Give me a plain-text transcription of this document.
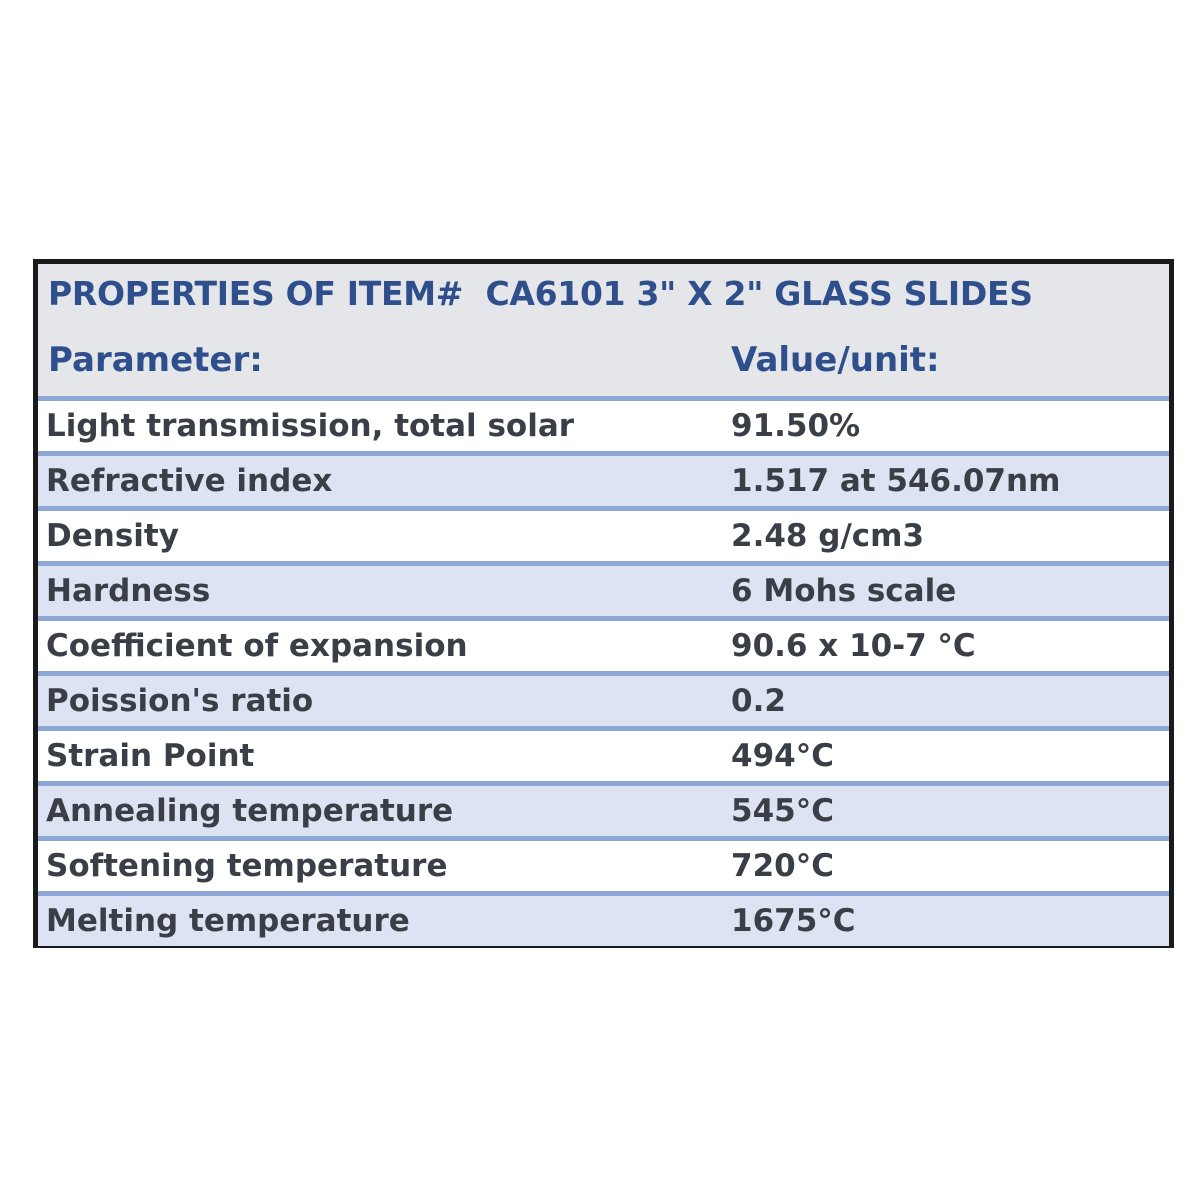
PROPERTIES OF ITEM#  CA6101 3" X 2" GLASS SLIDES
Parameter:	Value/unit:
Light transmission, total solar	91.50%
Refractive index	1.517 at 546.07nm
Density	2.48 g/cm3
Hardness	6 Mohs scale
Coefficient of expansion	90.6 x 10-7 °C
Poission's ratio	0.2
Strain Point	494°C
Annealing temperature	545°C
Softening temperature	720°C
Melting temperature	1675°C
